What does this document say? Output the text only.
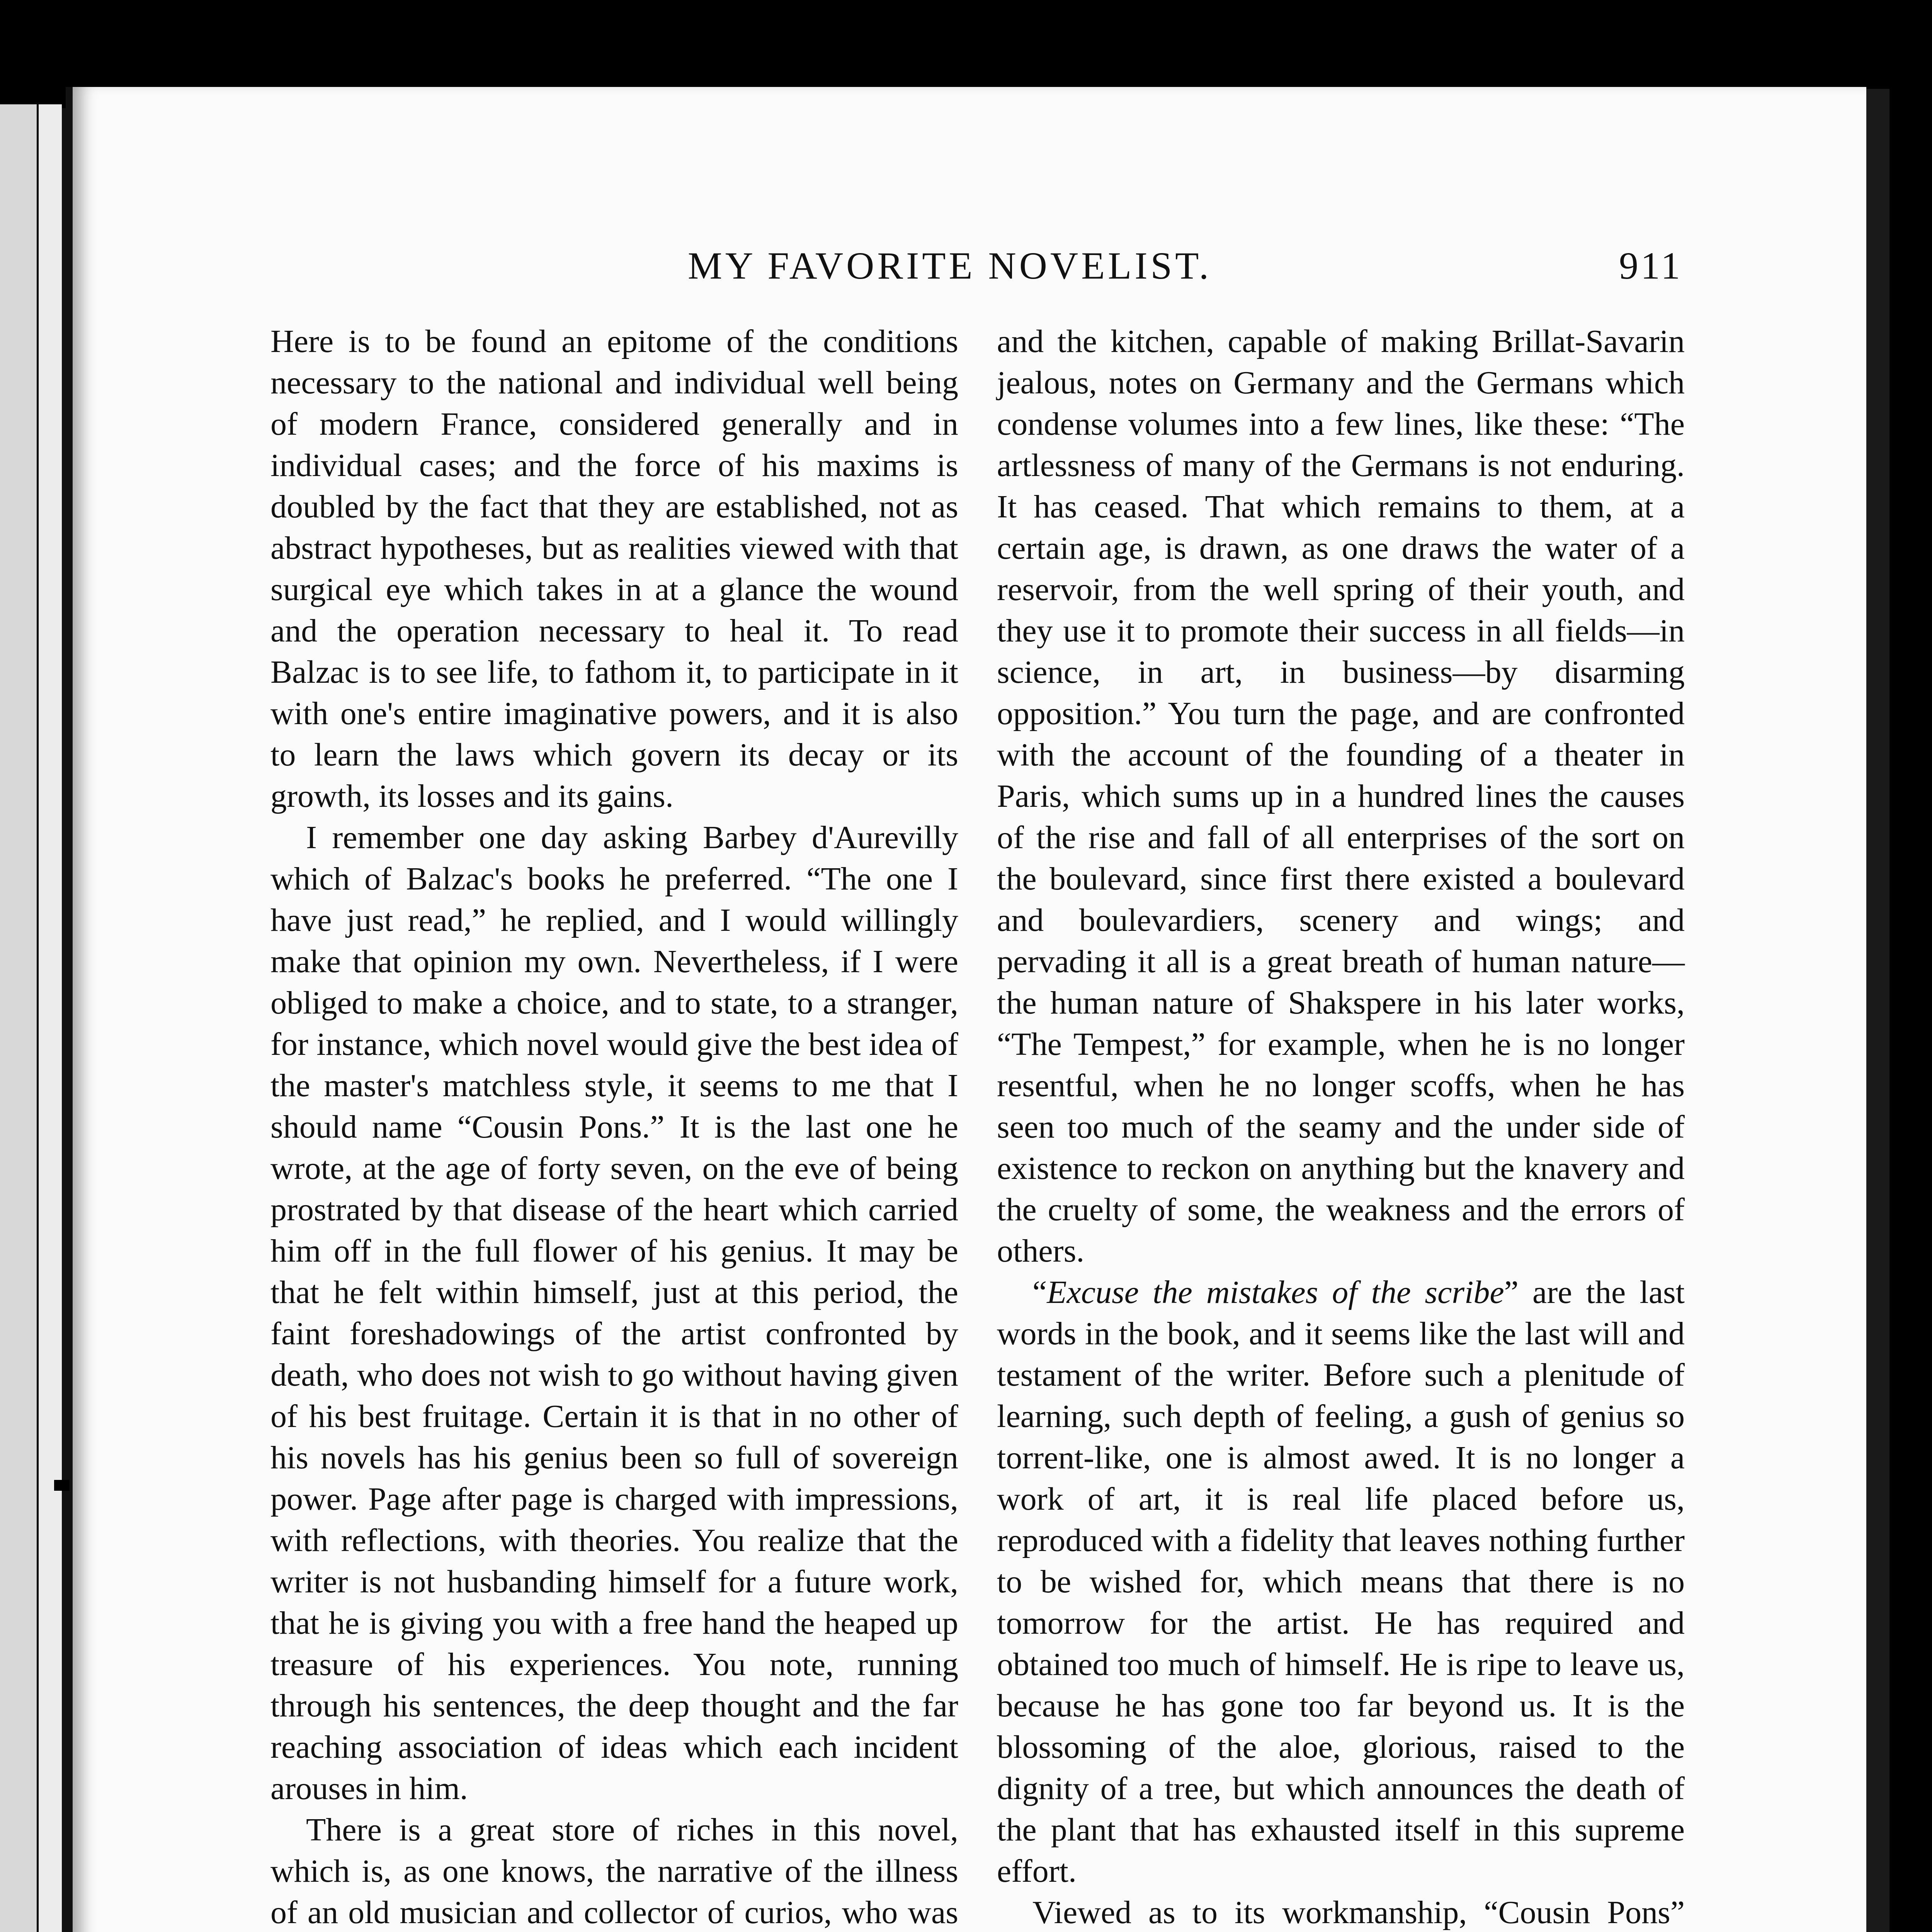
MY FAVORITE NOVELIST.	911

Here is to be found an epitome of the conditions necessary to the national and individual well being of modern France, considered generally and in individual cases; and the force of his maxims is doubled by the fact that they are established, not as abstract hypotheses, but as realities viewed with that surgical eye which takes in at a glance the wound and the operation necessary to heal it. To read Balzac is to see life, to fathom it, to participate in it with one's entire imaginative powers, and it is also to learn the laws which govern its decay or its growth, its losses and its gains.

I remember one day asking Barbey d'Aurevilly which of Balzac's books he preferred. “The one I have just read,” he replied, and I would willingly make that opinion my own. Nevertheless, if I were obliged to make a choice, and to state, to a stranger, for instance, which novel would give the best idea of the master's matchless style, it seems to me that I should name “Cousin Pons.” It is the last one he wrote, at the age of forty seven, on the eve of being prostrated by that disease of the heart which carried him off in the full flower of his genius. It may be that he felt within himself, just at this period, the faint foreshadowings of the artist confronted by death, who does not wish to go without having given of his best fruitage. Certain it is that in no other of his novels has his genius been so full of sovereign power. Page after page is charged with impressions, with reflections, with theories. You realize that the writer is not husbanding himself for a future work, that he is giving you with a free hand the heaped up treasure of his experiences. You note, running through his sentences, the deep thought and the far reaching association of ideas which each incident arouses in him.

There is a great store of riches in this novel, which is, as one knows, the narrative of the illness of an old musician and collector of curios, who was

and the kitchen, capable of making Brillat-Savarin jealous, notes on Germany and the Germans which condense volumes into a few lines, like these: “The artlessness of many of the Germans is not enduring. It has ceased. That which remains to them, at a certain age, is drawn, as one draws the water of a reservoir, from the well spring of their youth, and they use it to promote their success in all fields—in science, in art, in business—by disarming opposition.” You turn the page, and are confronted with the account of the founding of a theater in Paris, which sums up in a hundred lines the causes of the rise and fall of all enterprises of the sort on the boulevard, since first there existed a boulevard and boulevardiers, scenery and wings; and pervading it all is a great breath of human nature—the human nature of Shakspere in his later works, “The Tempest,” for example, when he is no longer resentful, when he no longer scoffs, when he has seen too much of the seamy and the under side of existence to reckon on anything but the knavery and the cruelty of some, the weakness and the errors of others.

“Excuse the mistakes of the scribe” are the last words in the book, and it seems like the last will and testament of the writer. Before such a plenitude of learning, such depth of feeling, a gush of genius so torrent-like, one is almost awed. It is no longer a work of art, it is real life placed before us, reproduced with a fidelity that leaves nothing further to be wished for, which means that there is no tomorrow for the artist. He has required and obtained too much of himself. He is ripe to leave us, because he has gone too far beyond us. It is the blossoming of the aloe, glorious, raised to the dignity of a tree, but which announces the death of the plant that has exhausted itself in this supreme effort.

Viewed as to its workmanship, “Cousin Pons”
